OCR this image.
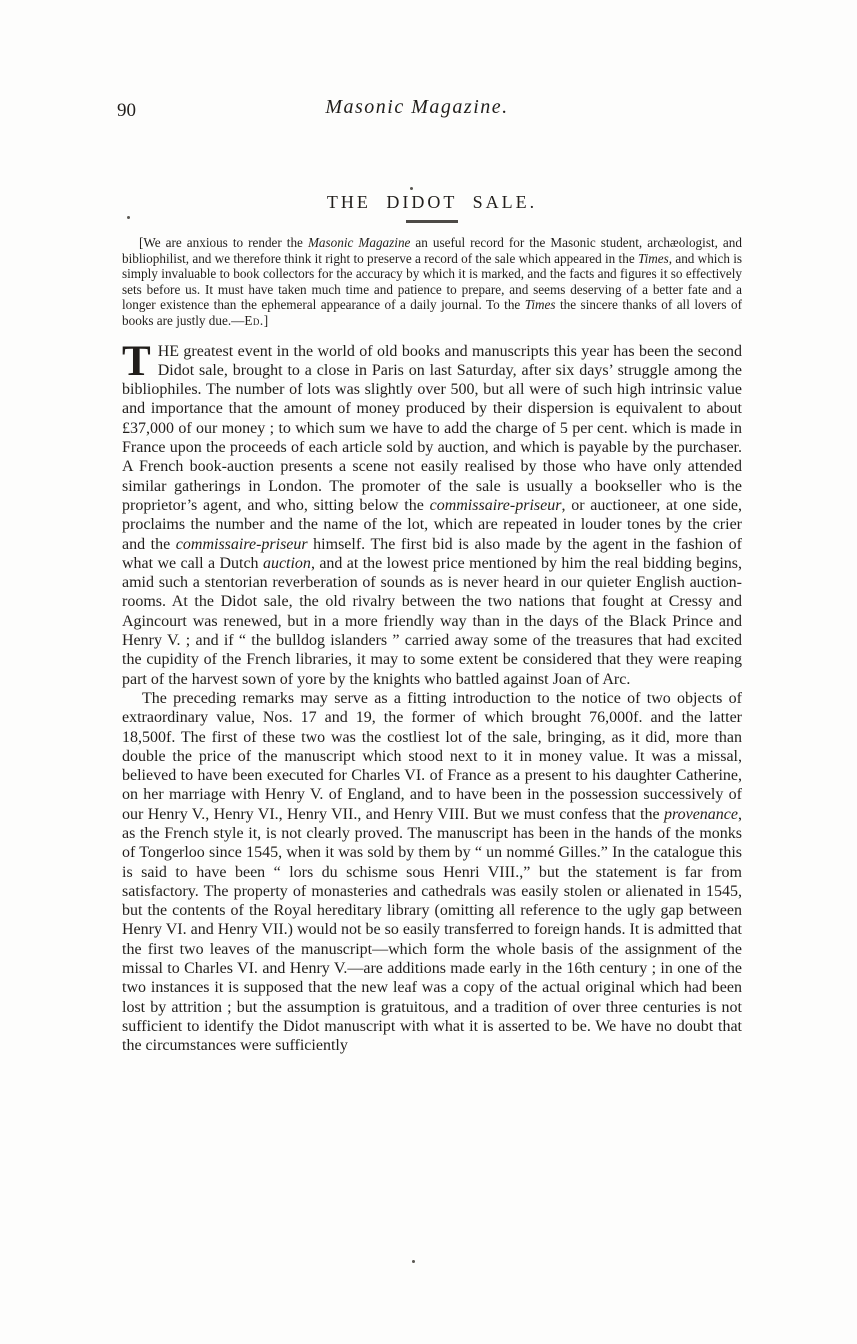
90	Masonic Magazine.
THE DIDOT SALE.

[We are anxious to render the Masonic Magazine an useful record for the Masonic student, archæologist, and bibliophilist, and we therefore think it right to preserve a record of the sale which appeared in the Times, and which is simply invaluable to book collectors for the accuracy by which it is marked, and the facts and figures it so effectively sets before us. It must have taken much time and patience to prepare, and seems deserving of a better fate and a longer existence than the ephemeral appearance of a daily journal. To the Times the sincere thanks of all lovers of books are justly due.—Ed.]

THE greatest event in the world of old books and manuscripts this year has been the second Didot sale, brought to a close in Paris on last Saturday, after six days’ struggle among the bibliophiles. The number of lots was slightly over 500, but all were of such high intrinsic value and importance that the amount of money produced by their dispersion is equivalent to about £37,000 of our money ; to which sum we have to add the charge of 5 per cent. which is made in France upon the proceeds of each article sold by auction, and which is payable by the purchaser. A French book-auction presents a scene not easily realised by those who have only attended similar gatherings in London. The promoter of the sale is usually a bookseller who is the proprietor’s agent, and who, sitting below the commissaire-priseur, or auctioneer, at one side, proclaims the number and the name of the lot, which are repeated in louder tones by the crier and the commissaire-priseur himself. The first bid is also made by the agent in the fashion of what we call a Dutch auction, and at the lowest price mentioned by him the real bidding begins, amid such a stentorian reverberation of sounds as is never heard in our quieter English auction-rooms. At the Didot sale, the old rivalry between the two nations that fought at Cressy and Agincourt was renewed, but in a more friendly way than in the days of the Black Prince and Henry V. ; and if “ the bulldog islanders ” carried away some of the treasures that had excited the cupidity of the French libraries, it may to some extent be considered that they were reaping part of the harvest sown of yore by the knights who battled against Joan of Arc.

The preceding remarks may serve as a fitting introduction to the notice of two objects of extraordinary value, Nos. 17 and 19, the former of which brought 76,000f. and the latter 18,500f. The first of these two was the costliest lot of the sale, bringing, as it did, more than double the price of the manuscript which stood next to it in money value. It was a missal, believed to have been executed for Charles VI. of France as a present to his daughter Catherine, on her marriage with Henry V. of England, and to have been in the possession successively of our Henry V., Henry VI., Henry VII., and Henry VIII. But we must confess that the provenance, as the French style it, is not clearly proved. The manuscript has been in the hands of the monks of Tongerloo since 1545, when it was sold by them by “ un nommé Gilles.” In the catalogue this is said to have been “ lors du schisme sous Henri VIII.,” but the statement is far from satisfactory. The property of monasteries and cathedrals was easily stolen or alienated in 1545, but the contents of the Royal hereditary library (omitting all reference to the ugly gap between Henry VI. and Henry VII.) would not be so easily transferred to foreign hands. It is admitted that the first two leaves of the manuscript—which form the whole basis of the assignment of the missal to Charles VI. and Henry V.—are additions made early in the 16th century ; in one of the two instances it is supposed that the new leaf was a copy of the actual original which had been lost by attrition ; but the assumption is gratuitous, and a tradition of over three centuries is not sufficient to identify the Didot manuscript with what it is asserted to be. We have no doubt that the circumstances were sufficiently
